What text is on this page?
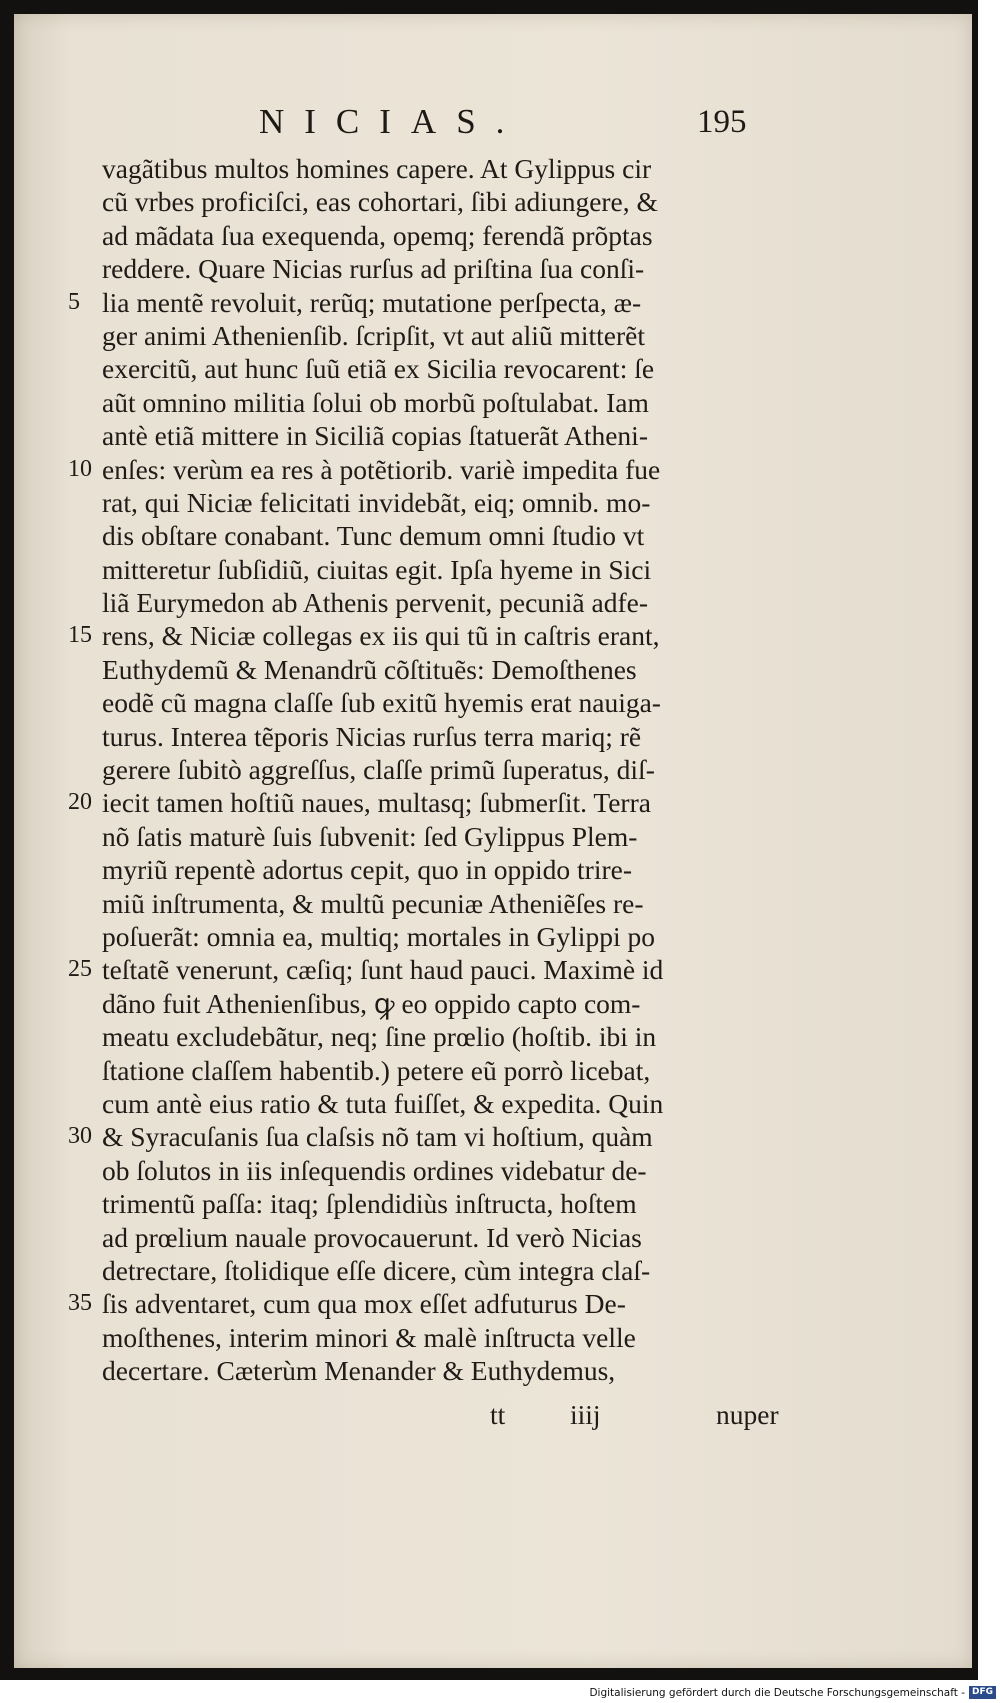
NICIAS.	195
vagãtibus multos homines capere. At Gylippus cir
cũ vrbes proficiſci, eas cohortari, ſibi adiungere, &
ad mãdata ſua exequenda, opemq; ferendã prõptas
reddere. Quare Nicias rurſus ad priſtina ſua conſi-
5 lia mentẽ revoluit, rerũq; mutatione perſpecta, æ-
ger animi Athenienſib. ſcripſit, vt aut aliũ mitterẽt
exercitũ, aut hunc ſuũ etiã ex Sicilia revocarent: ſe
aũt omnino militia ſolui ob morbũ poſtulabat. Iam
antè etiã mittere in Siciliã copias ſtatuerãt Atheni-
10 enſes: verùm ea res à potẽtiorib. variè impedita fue
rat, qui Niciæ felicitati invidebãt, eiq; omnib. mo-
dis obſtare conabant. Tunc demum omni ſtudio vt
mitteretur ſubſidiũ, ciuitas egit. Ipſa hyeme in Sici
liã Eurymedon ab Athenis pervenit, pecuniã adfe-
15 rens, & Niciæ collegas ex iis qui tũ in caſtris erant,
Euthydemũ & Menandrũ cõſtituẽs: Demoſthenes
eodẽ cũ magna claſſe ſub exitũ hyemis erat nauiga-
turus. Interea tẽporis Nicias rurſus terra mariq; rẽ
gerere ſubitò aggreſſus, claſſe primũ ſuperatus, diſ-
20 iecit tamen hoſtiũ naues, multasq; ſubmerſit. Terra
nõ ſatis maturè ſuis ſubvenit: ſed Gylippus Plem-
myriũ repentè adortus cepit, quo in oppido trire-
miũ inſtrumenta, & multũ pecuniæ Atheniẽſes re-
poſuerãt: omnia ea, multiq; mortales in Gylippi po
25 teſtatẽ venerunt, cæſiq; ſunt haud pauci. Maximè id
dãno fuit Athenienſibus, ꝙ eo oppido capto com-
meatu excludebãtur, neq; ſine prœlio (hoſtib. ibi in
ſtatione claſſem habentib.) petere eũ porrò licebat,
cum antè eius ratio & tuta fuiſſet, & expedita. Quin
30 & Syracuſanis ſua claſsis nõ tam vi hoſtium, quàm
ob ſolutos in iis inſequendis ordines videbatur de-
trimentũ paſſa: itaq; ſplendidiùs inſtructa, hoſtem
ad prœlium nauale provocauerunt. Id verò Nicias
detrectare, ſtolidique eſſe dicere, cùm integra claſ-
35 ſis adventaret, cum qua mox eſſet adfuturus De-
moſthenes, interim minori & malè inſtructa velle
decertare. Cæterùm Menander & Euthydemus,
tt iiij	nuper
Digitalisierung gefördert durch die Deutsche Forschungsgemeinschaft - DFG
